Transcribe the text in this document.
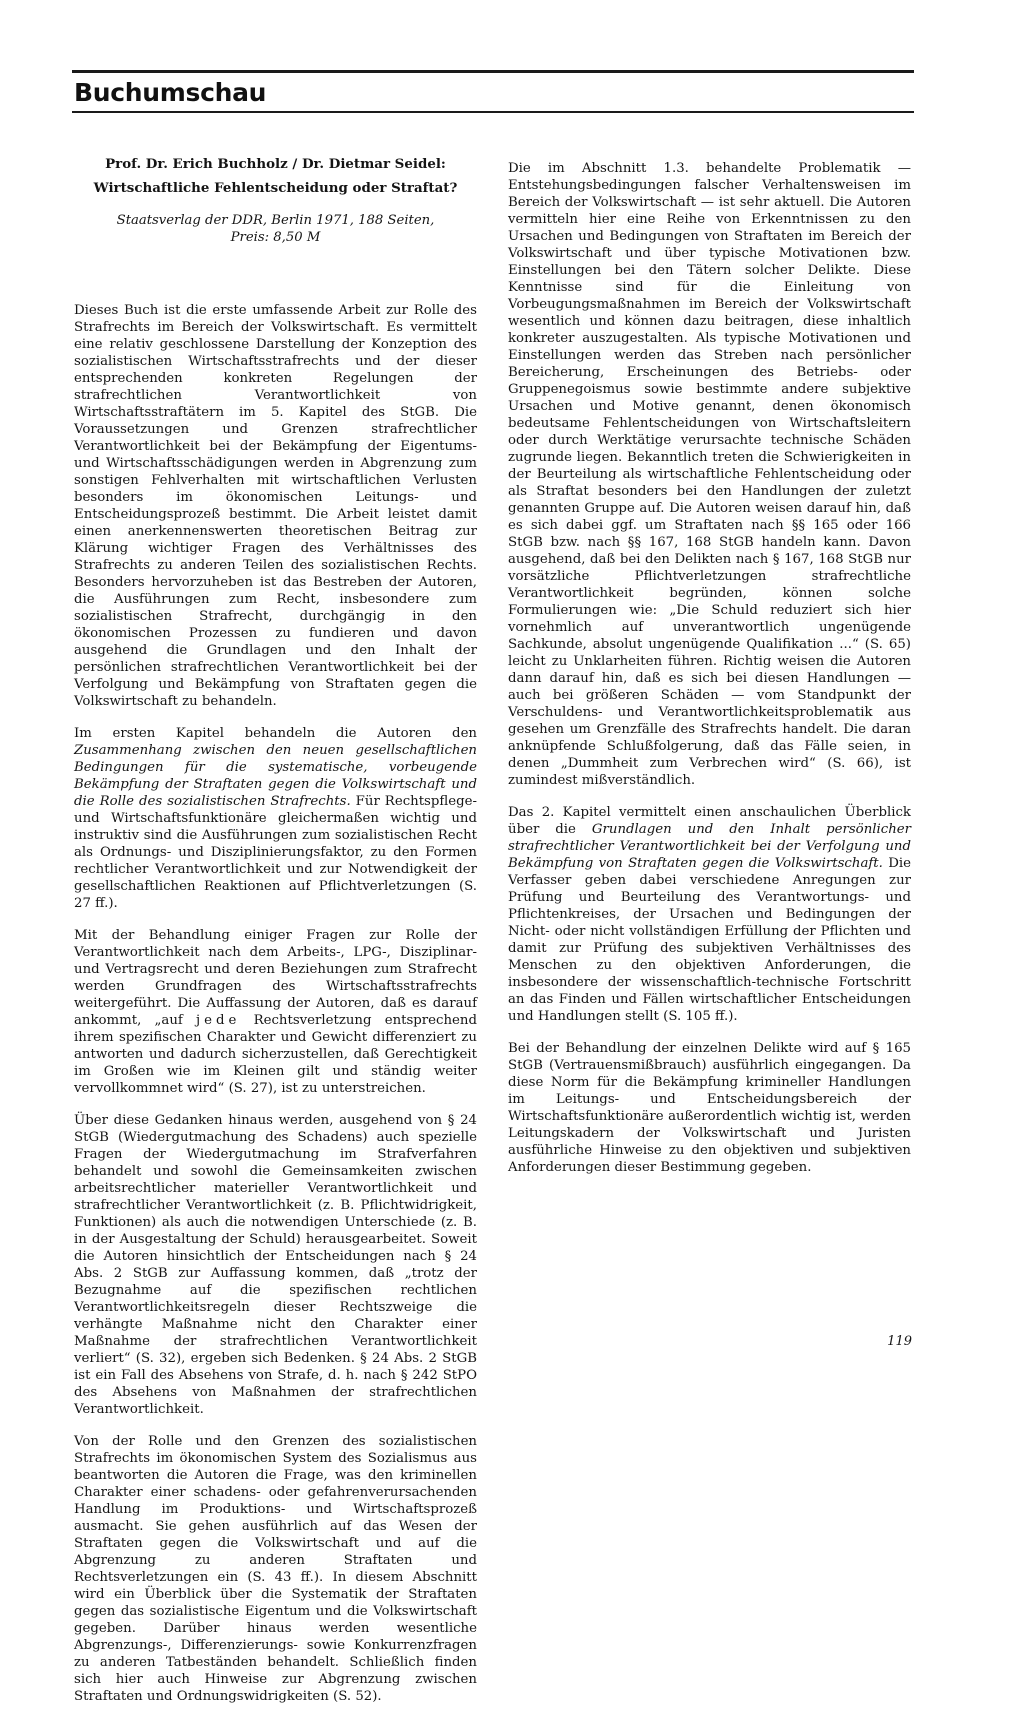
Buchumschau

Prof. Dr. Erich Buchholz / Dr. Dietmar Seidel:

Wirtschaftliche Fehlentscheidung oder Straftat?

Staatsverlag der DDR, Berlin 1971, 188 Seiten,
Preis: 8,50 M

Dieses Buch ist die erste umfassende Arbeit zur Rolle des Strafrechts im Bereich der Volkswirtschaft. Es vermittelt eine relativ geschlossene Darstellung der Konzeption des sozialistischen Wirtschaftsstrafrechts und der dieser entsprechenden konkreten Regelungen der strafrechtlichen Verantwortlichkeit von Wirtschaftsstraftätern im 5. Kapitel des StGB. Die Voraussetzungen und Grenzen strafrechtlicher Verantwortlichkeit bei der Bekämpfung der Eigentums- und Wirtschaftsschädigungen werden in Abgrenzung zum sonstigen Fehlverhalten mit wirtschaftlichen Verlusten besonders im ökonomischen Leitungs- und Entscheidungsprozeß bestimmt. Die Arbeit leistet damit einen anerkennenswerten theoretischen Beitrag zur Klärung wichtiger Fragen des Verhältnisses des Strafrechts zu anderen Teilen des sozialistischen Rechts. Besonders hervorzuheben ist das Bestreben der Autoren, die Ausführungen zum Recht, insbesondere zum sozialistischen Strafrecht, durchgängig in den ökonomischen Prozessen zu fundieren und davon ausgehend die Grundlagen und den Inhalt der persönlichen strafrechtlichen Verantwortlichkeit bei der Verfolgung und Bekämpfung von Straftaten gegen die Volkswirtschaft zu behandeln.

Im ersten Kapitel behandeln die Autoren den Zusammenhang zwischen den neuen gesellschaftlichen Bedingungen für die systematische, vorbeugende Bekämpfung der Straftaten gegen die Volkswirtschaft und die Rolle des sozialistischen Strafrechts. Für Rechtspflege- und Wirtschaftsfunktionäre gleichermaßen wichtig und instruktiv sind die Ausführungen zum sozialistischen Recht als Ordnungs- und Disziplinierungsfaktor, zu den Formen rechtlicher Verantwortlichkeit und zur Notwendigkeit der gesellschaftlichen Reaktionen auf Pflichtverletzungen (S. 27 ff.).

Mit der Behandlung einiger Fragen zur Rolle der Verantwortlichkeit nach dem Arbeits-, LPG-, Disziplinar- und Vertragsrecht und deren Beziehungen zum Strafrecht werden Grundfragen des Wirtschaftsstrafrechts weitergeführt. Die Auffassung der Autoren, daß es darauf ankommt, „auf jede Rechtsverletzung entsprechend ihrem spezifischen Charakter und Gewicht differenziert zu antworten und dadurch sicherzustellen, daß Gerechtigkeit im Großen wie im Kleinen gilt und ständig weiter vervollkommnet wird“ (S. 27), ist zu unterstreichen.

Über diese Gedanken hinaus werden, ausgehend von § 24 StGB (Wiedergutmachung des Schadens) auch spezielle Fragen der Wiedergutmachung im Strafverfahren behandelt und sowohl die Gemeinsamkeiten zwischen arbeitsrechtlicher materieller Verantwortlichkeit und strafrechtlicher Verantwortlichkeit (z. B. Pflichtwidrigkeit, Funktionen) als auch die notwendigen Unterschiede (z. B. in der Ausgestaltung der Schuld) herausgearbeitet. Soweit die Autoren hinsichtlich der Entscheidungen nach § 24 Abs. 2 StGB zur Auffassung kommen, daß „trotz der Bezugnahme auf die spezifischen rechtlichen Verantwortlichkeitsregeln dieser Rechtszweige die verhängte Maßnahme nicht den Charakter einer Maßnahme der strafrechtlichen Verantwortlichkeit verliert“ (S. 32), ergeben sich Bedenken. § 24 Abs. 2 StGB ist ein Fall des Absehens von Strafe, d. h. nach § 242 StPO des Absehens von Maßnahmen der strafrechtlichen Verantwortlichkeit.

Von der Rolle und den Grenzen des sozialistischen Strafrechts im ökonomischen System des Sozialismus aus beantworten die Autoren die Frage, was den kriminellen Charakter einer schadens- oder gefahrenverursachenden Handlung im Produktions- und Wirtschaftsprozeß ausmacht. Sie gehen ausführlich auf das Wesen der Straftaten gegen die Volkswirtschaft und auf die Abgrenzung zu anderen Straftaten und Rechtsverletzungen ein (S. 43 ff.). In diesem Abschnitt wird ein Überblick über die Systematik der Straftaten gegen das sozialistische Eigentum und die Volkswirtschaft gegeben. Darüber hinaus werden wesentliche Abgrenzungs-, Differenzierungs- sowie Konkurrenzfragen zu anderen Tatbeständen behandelt. Schließlich finden sich hier auch Hinweise zur Abgrenzung zwischen Straftaten und Ordnungswidrigkeiten (S. 52).

Die im Abschnitt 1.3. behandelte Problematik — Entstehungsbedingungen falscher Verhaltensweisen im Bereich der Volkswirtschaft — ist sehr aktuell. Die Autoren vermitteln hier eine Reihe von Erkenntnissen zu den Ursachen und Bedingungen von Straftaten im Bereich der Volkswirtschaft und über typische Motivationen bzw. Einstellungen bei den Tätern solcher Delikte. Diese Kenntnisse sind für die Einleitung von Vorbeugungsmaßnahmen im Bereich der Volkswirtschaft wesentlich und können dazu beitragen, diese inhaltlich konkreter auszugestalten. Als typische Motivationen und Einstellungen werden das Streben nach persönlicher Bereicherung, Erscheinungen des Betriebs- oder Gruppenegoismus sowie bestimmte andere subjektive Ursachen und Motive genannt, denen ökonomisch bedeutsame Fehlentscheidungen von Wirtschaftsleitern oder durch Werktätige verursachte technische Schäden zugrunde liegen. Bekanntlich treten die Schwierigkeiten in der Beurteilung als wirtschaftliche Fehlentscheidung oder als Straftat besonders bei den Handlungen der zuletzt genannten Gruppe auf. Die Autoren weisen darauf hin, daß es sich dabei ggf. um Straftaten nach §§ 165 oder 166 StGB bzw. nach §§ 167, 168 StGB handeln kann. Davon ausgehend, daß bei den Delikten nach § 167, 168 StGB nur vorsätzliche Pflichtverletzungen strafrechtliche Verantwortlichkeit begründen, können solche Formulierungen wie: „Die Schuld reduziert sich hier vornehmlich auf unverantwortlich ungenügende Sachkunde, absolut ungenügende Qualifikation ...“ (S. 65) leicht zu Unklarheiten führen. Richtig weisen die Autoren dann darauf hin, daß es sich bei diesen Handlungen — auch bei größeren Schäden — vom Standpunkt der Verschuldens- und Verantwortlichkeitsproblematik aus gesehen um Grenzfälle des Strafrechts handelt. Die daran anknüpfende Schlußfolgerung, daß das Fälle seien, in denen „Dummheit zum Verbrechen wird“ (S. 66), ist zumindest mißverständlich.

Das 2. Kapitel vermittelt einen anschaulichen Überblick über die Grundlagen und den Inhalt persönlicher strafrechtlicher Verantwortlichkeit bei der Verfolgung und Bekämpfung von Straftaten gegen die Volkswirtschaft. Die Verfasser geben dabei verschiedene Anregungen zur Prüfung und Beurteilung des Verantwortungs- und Pflichtenkreises, der Ursachen und Bedingungen der Nicht- oder nicht vollständigen Erfüllung der Pflichten und damit zur Prüfung des subjektiven Verhältnisses des Menschen zu den objektiven Anforderungen, die insbesondere der wissenschaftlich-technische Fortschritt an das Finden und Fällen wirtschaftlicher Entscheidungen und Handlungen stellt (S. 105 ff.).

Bei der Behandlung der einzelnen Delikte wird auf § 165 StGB (Vertrauensmißbrauch) ausführlich eingegangen. Da diese Norm für die Bekämpfung krimineller Handlungen im Leitungs- und Entscheidungsbereich der Wirtschaftsfunktionäre außerordentlich wichtig ist, werden Leitungskadern der Volkswirtschaft und Juristen ausführliche Hinweise zu den objektiven und subjektiven Anforderungen dieser Bestimmung gegeben.

119
